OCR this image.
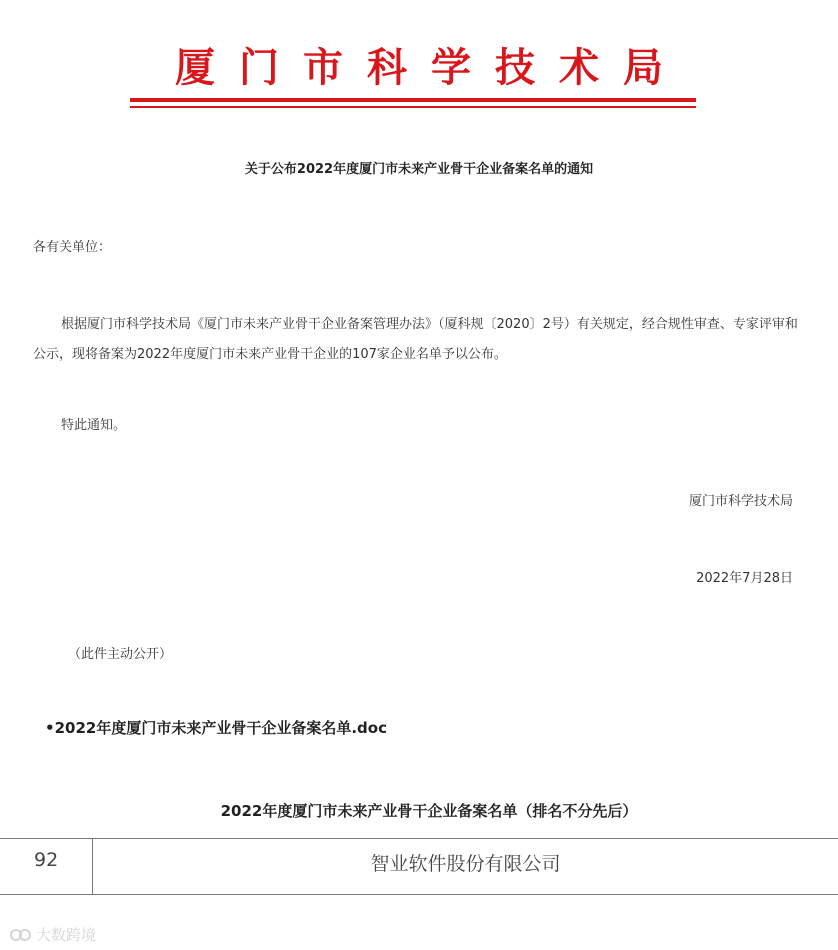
厦门市科学技术局
关于公布2022年度厦门市未来产业骨干企业备案名单的通知
各有关单位：

根据厦门市科学技术局《厦门市未来产业骨干企业备案管理办法》（厦科规〔2020〕2号）有关规定，经合规性审查、专家评审和公示，现将备案为2022年度厦门市未来产业骨干企业的107家企业名单予以公布。

特此通知。
厦门市科学技术局
2022年7月28日
（此件主动公开）
•2022年度厦门市未来产业骨干企业备案名单.doc
2022年度厦门市未来产业骨干企业备案名单（排名不分先后）
92	智业软件股份有限公司
大数跨境
